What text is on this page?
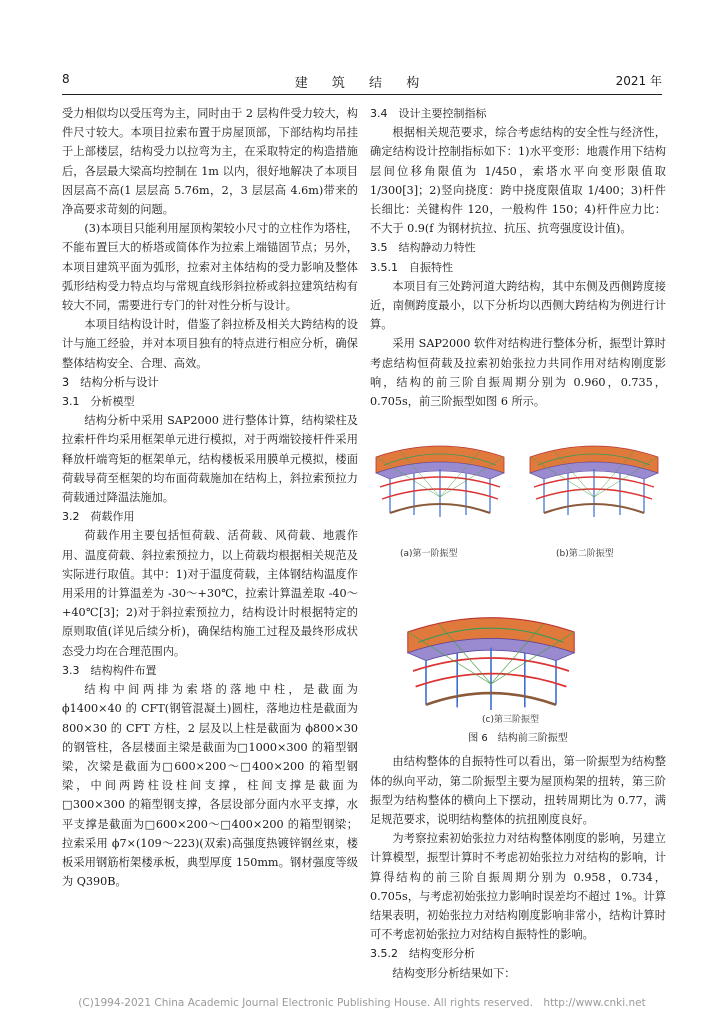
8	建 筑 结 构	2021 年

受力相似均以受压弯为主，同时由于 2 层构件受力较大，构件尺寸较大。本项目拉索布置于房屋顶部，下部结构均吊挂于上部楼层，结构受力以拉弯为主，在采取特定的构造措施后，各层最大梁高均控制在 1m 以内，很好地解决了本项目因层高不高(1 层层高 5.76m，2，3 层层高 4.6m)带来的净高要求苛刻的问题。

(3)本项目只能利用屋顶构架较小尺寸的立柱作为塔柱，不能布置巨大的桥塔或简体作为拉索上端锚固节点；另外，本项目建筑平面为弧形，拉索对主体结构的受力影响及整体弧形结构受力特点均与常规直线形斜拉桥或斜拉建筑结构有较大不同，需要进行专门的针对性分析与设计。

本项目结构设计时，借鉴了斜拉桥及相关大跨结构的设计与施工经验，并对本项目独有的特点进行相应分析，确保整体结构安全、合理、高效。

3　结构分析与设计

3.1　分析模型

结构分析中采用 SAP2000 进行整体计算，结构梁柱及拉索杆件均采用框架单元进行模拟，对于两端铰接杆件采用释放杆端弯矩的框架单元，结构楼板采用膜单元模拟，楼面荷载导荷至框架的均布面荷载施加在结构上，斜拉索预拉力荷载通过降温法施加。

3.2　荷载作用

荷载作用主要包括恒荷载、活荷载、风荷载、地震作用、温度荷载、斜拉索预拉力，以上荷载均根据相关规范及实际进行取值。其中：1)对于温度荷载，主体钢结构温度作用采用的计算温差为 -30～+30℃，拉索计算温差取 -40～+40℃[3]；2)对于斜拉索预拉力，结构设计时根据特定的原则取值(详见后续分析)，确保结构施工过程及最终形成状态受力均在合理范围内。

3.3　结构构件布置

结构中间两排为索塔的落地中柱，是截面为 ϕ1400×40 的 CFT(钢管混凝土)圆柱，落地边柱是截面为 800×30 的 CFT 方柱，2 层及以上柱是截面为 ϕ800×30 的钢管柱，各层楼面主梁是截面为□1000×300 的箱型钢梁，次梁是截面为□600×200～□400×200 的箱型钢梁，中间两跨柱设柱间支撑，柱间支撑是截面为□300×300 的箱型钢支撑，各层设部分面内水平支撑，水平支撑是截面为□600×200～□400×200 的箱型钢梁；拉索采用 ϕ7×(109～223)(双索)高强度热镀锌钢丝束，楼板采用钢筋桁架楼承板，典型厚度 150mm。钢材强度等级为 Q390B。

3.4　设计主要控制指标

根据相关规范要求，综合考虑结构的安全性与经济性，确定结构设计控制指标如下：1)水平变形：地震作用下结构层间位移角限值为 1/450，索塔水平向变形限值取 1/300[3]；2)竖向挠度：跨中挠度限值取 1/400；3)杆件长细比：关键构件 120，一般构件 150；4)杆件应力比：不大于 0.9(f 为钢材抗拉、抗压、抗弯强度设计值)。

3.5　结构静动力特性

3.5.1　自振特性

本项目有三处跨河道大跨结构，其中东侧及西侧跨度接近，南侧跨度最小，以下分析均以西侧大跨结构为例进行计算。

采用 SAP2000 软件对结构进行整体分析，振型计算时考虑结构恒荷载及拉索初始张拉力共同作用对结构刚度影响，结构的前三阶自振周期分别为 0.960，0.735，0.705s，前三阶振型如图 6 所示。

(a)第一阶振型	(b)第二阶振型
(c)第三阶振型

图 6　结构前三阶振型

由结构整体的自振特性可以看出，第一阶振型为结构整体的纵向平动，第二阶振型主要为屋顶构架的扭转，第三阶振型为结构整体的横向上下摆动，扭转周期比为 0.77，满足规范要求，说明结构整体的抗扭刚度良好。

为考察拉索初始张拉力对结构整体刚度的影响，另建立计算模型，振型计算时不考虑初始张拉力对结构的影响，计算得结构的前三阶自振周期分别为 0.958，0.734，0.705s，与考虑初始张拉力影响时误差均不超过 1%。计算结果表明，初始张拉力对结构刚度影响非常小，结构计算时可不考虑初始张拉力对结构自振特性的影响。

3.5.2　结构变形分析

结构变形分析结果如下：

(C)1994-2021 China Academic Journal Electronic Publishing House. All rights reserved.　http://www.cnki.net
